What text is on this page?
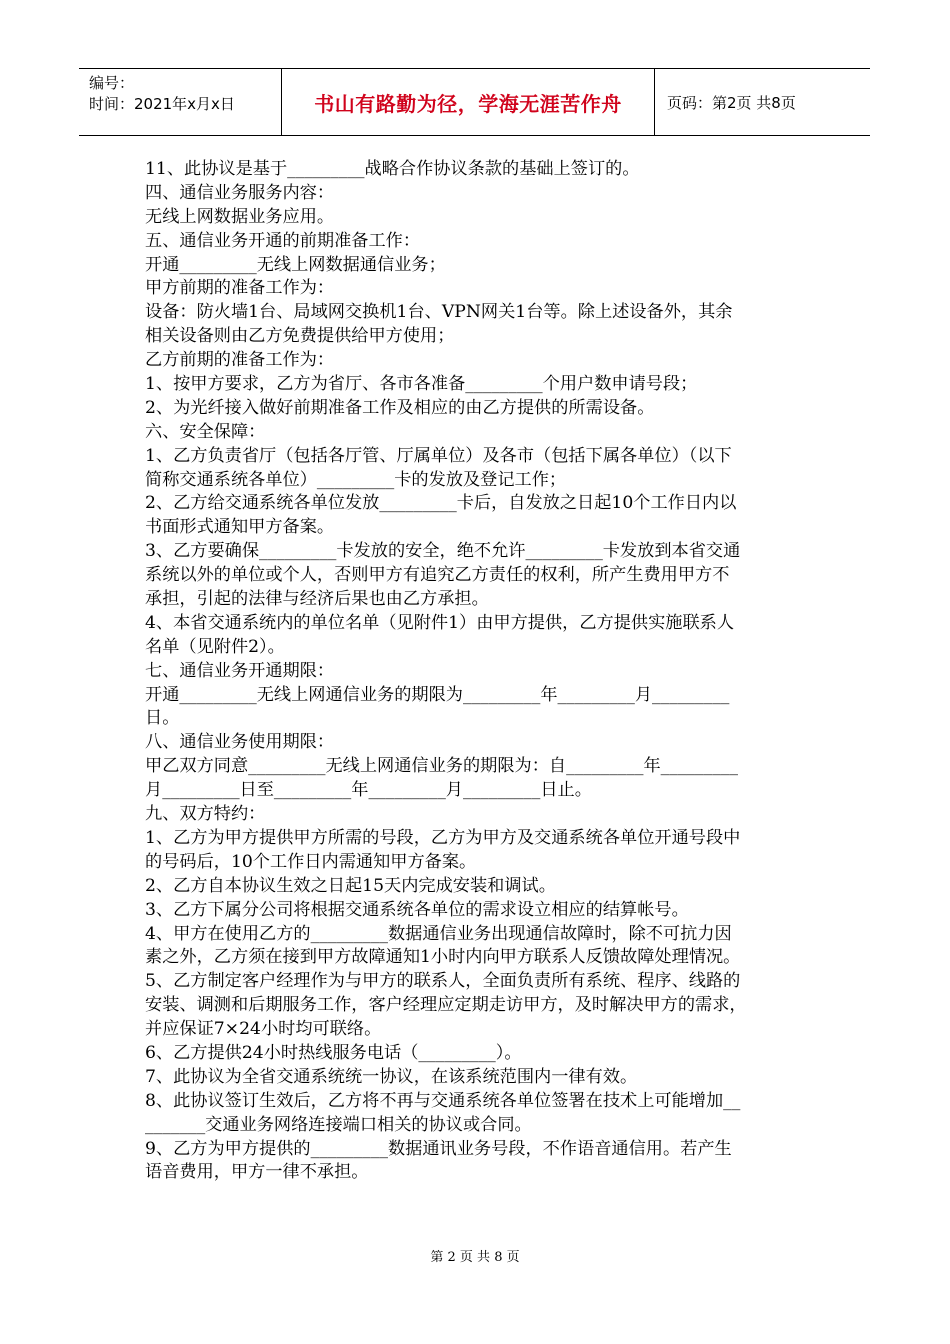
编号：
时间：2021年x月x日	书山有路勤为径，学海无涯苦作舟	页码：第2页 共8页
11、此协议是基于_________战略合作协议条款的基础上签订的。
四、通信业务服务内容：
无线上网数据业务应用。
五、通信业务开通的前期准备工作：
开通_________无线上网数据通信业务；
甲方前期的准备工作为：
设备：防火墙1台、局域网交换机1台、VPN网关1台等。除上述设备外，其余
相关设备则由乙方免费提供给甲方使用；
乙方前期的准备工作为：
1、按甲方要求，乙方为省厅、各市各准备_________个用户数申请号段；
2、为光纤接入做好前期准备工作及相应的由乙方提供的所需设备。
六、安全保障：
1、乙方负责省厅（包括各厅管、厅属单位）及各市（包括下属各单位）（以下
简称交通系统各单位）_________卡的发放及登记工作；
2、乙方给交通系统各单位发放_________卡后，自发放之日起10个工作日内以
书面形式通知甲方备案。
3、乙方要确保_________卡发放的安全，绝不允许_________卡发放到本省交通
系统以外的单位或个人，否则甲方有追究乙方责任的权利，所产生费用甲方不
承担，引起的法律与经济后果也由乙方承担。
4、本省交通系统内的单位名单（见附件1）由甲方提供，乙方提供实施联系人
名单（见附件2）。
七、通信业务开通期限：
开通_________无线上网通信业务的期限为_________年_________月_________
日。
八、通信业务使用期限：
甲乙双方同意_________无线上网通信业务的期限为：自_________年_________
月_________日至_________年_________月_________日止。
九、双方特约：
1、乙方为甲方提供甲方所需的号段，乙方为甲方及交通系统各单位开通号段中
的号码后，10个工作日内需通知甲方备案。
2、乙方自本协议生效之日起15天内完成安装和调试。
3、乙方下属分公司将根据交通系统各单位的需求设立相应的结算帐号。
4、甲方在使用乙方的_________数据通信业务出现通信故障时，除不可抗力因
素之外，乙方须在接到甲方故障通知1小时内向甲方联系人反馈故障处理情况。
5、乙方制定客户经理作为与甲方的联系人，全面负责所有系统、程序、线路的
安装、调测和后期服务工作，客户经理应定期走访甲方，及时解决甲方的需求，
并应保证7×24小时均可联络。
6、乙方提供24小时热线服务电话（_________）。
7、此协议为全省交通系统统一协议，在该系统范围内一律有效。
8、此协议签订生效后，乙方将不再与交通系统各单位签署在技术上可能增加__
_______交通业务网络连接端口相关的协议或合同。
9、乙方为甲方提供的_________数据通讯业务号段，不作语音通信用。若产生
语音费用，甲方一律不承担。
第 2 页 共 8 页
